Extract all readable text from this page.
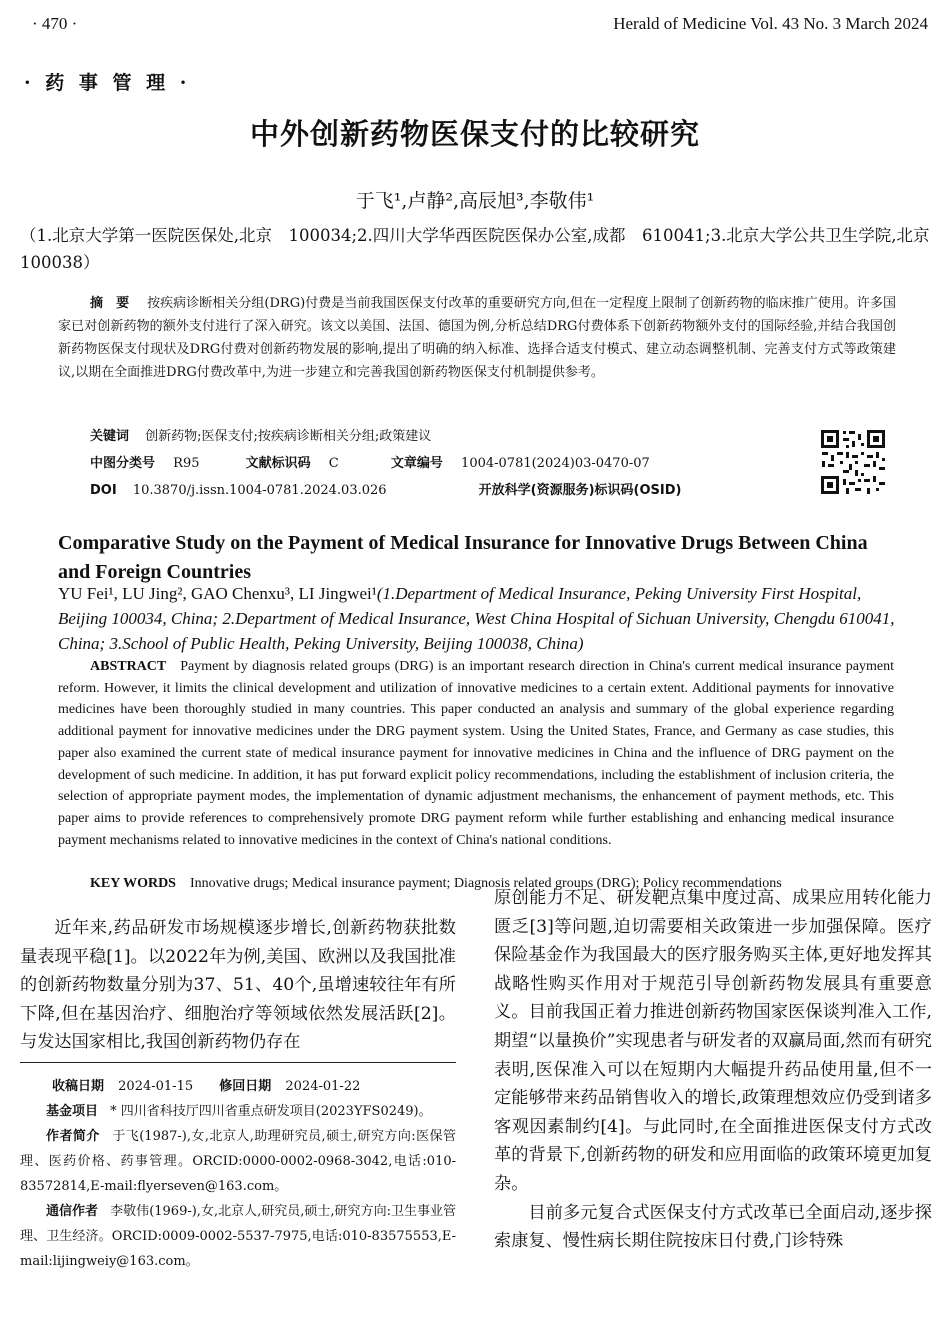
· 470 ·	Herald of Medicine Vol. 43 No. 3 March 2024
· 药 事 管 理 ·
中外创新药物医保支付的比较研究
于飞¹,卢静²,高辰旭³,李敬伟¹
（1.北京大学第一医院医保处,北京　100034;2.四川大学华西医院医保办公室,成都　610041;3.北京大学公共卫生学院,北京　100038）
摘　要 按疾病诊断相关分组(DRG)付费是当前我国医保支付改革的重要研究方向,但在一定程度上限制了创新药物的临床推广使用。许多国家已对创新药物的额外支付进行了深入研究。该文以美国、法国、德国为例,分析总结DRG付费体系下创新药物额外支付的国际经验,并结合我国创新药物医保支付现状及DRG付费对创新药物发展的影响,提出了明确的纳入标准、选择合适支付模式、建立动态调整机制、完善支付方式等政策建议,以期在全面推进DRG付费改革中,为进一步建立和完善我国创新药物医保支付机制提供参考。
关键词 创新药物;医保支付;按疾病诊断相关分组;政策建议
中图分类号 R95	文献标识码 C	文章编号 1004-0781(2024)03-0470-07
DOI 10.3870/j.issn.1004-0781.2024.03.026	开放科学(资源服务)标识码(OSID)
Comparative Study on the Payment of Medical Insurance for Innovative Drugs Between China and Foreign Countries
YU Fei¹, LU Jing², GAO Chenxu³, LI Jingwei¹(1.Department of Medical Insurance, Peking University First Hospital, Beijing 100034, China; 2.Department of Medical Insurance, West China Hospital of Sichuan University, Chengdu 610041, China; 3.School of Public Health, Peking University, Beijing 100038, China)
ABSTRACT Payment by diagnosis related groups (DRG) is an important research direction in China's current medical insurance payment reform. However, it limits the clinical development and utilization of innovative medicines to a certain extent. Additional payments for innovative medicines have been thoroughly studied in many countries. This paper conducted an analysis and summary of the global experience regarding additional payment for innovative medicines under the DRG payment system. Using the United States, France, and Germany as case studies, this paper also examined the current state of medical insurance payment for innovative medicines in China and the influence of DRG payment on the development of such medicine. In addition, it has put forward explicit policy recommendations, including the establishment of inclusion criteria, the selection of appropriate payment modes, the implementation of dynamic adjustment mechanisms, the enhancement of payment methods, etc. This paper aims to provide references to comprehensively promote DRG payment reform while further establishing and enhancing medical insurance payment mechanisms related to innovative medicines in the context of China's national conditions.
KEY WORDS Innovative drugs; Medical insurance payment; Diagnosis related groups (DRG); Policy recommendations
近年来,药品研发市场规模逐步增长,创新药物获批数量表现平稳[1]。以2022年为例,美国、欧洲以及我国批准的创新药物数量分别为37、51、40个,虽增速较往年有所下降,但在基因治疗、细胞治疗等领域依然发展活跃[2]。与发达国家相比,我国创新药物仍存在
原创能力不足、研发靶点集中度过高、成果应用转化能力匮乏[3]等问题,迫切需要相关政策进一步加强保障。医疗保险基金作为我国最大的医疗服务购买主体,更好地发挥其战略性购买作用对于规范引导创新药物发展具有重要意义。目前我国正着力推进创新药物国家医保谈判准入工作,期望“以量换价”实现患者与研发者的双赢局面,然而有研究表明,医保准入可以在短期内大幅提升药品使用量,但不一定能够带来药品销售收入的增长,政策理想效应仍受到诸多客观因素制约[4]。与此同时,在全面推进医保支付方式改革的背景下,创新药物的研发和应用面临的政策环境更加复杂。
目前多元复合式医保支付方式改革已全面启动,逐步探索康复、慢性病长期住院按床日付费,门诊特殊
收稿日期 2024-01-15 修回日期 2024-01-22
基金项目 * 四川省科技厅四川省重点研发项目(2023YFS0249)。
作者简介 于飞(1987-),女,北京人,助理研究员,硕士,研究方向:医保管理、医药价格、药事管理。ORCID:0000-0002-0968-3042,电话:010-83572814,E-mail:flyerseven@163.com。
通信作者 李敬伟(1969-),女,北京人,研究员,硕士,研究方向:卫生事业管理、卫生经济。ORCID:0009-0002-5537-7975,电话:010-83575553,E-mail:lijingweiy@163.com。
